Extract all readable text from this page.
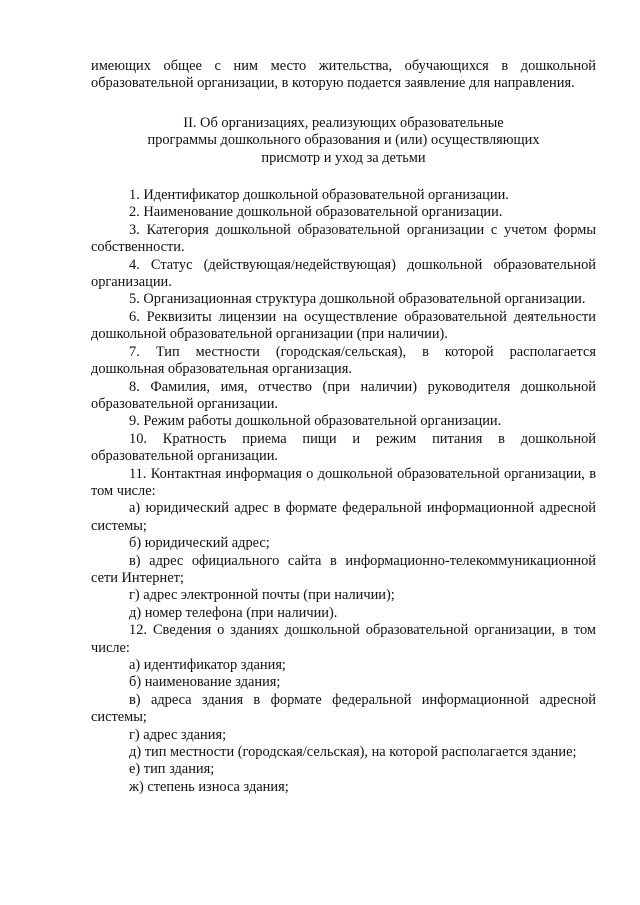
имеющих общее с ним место жительства, обучающихся в дошкольной образовательной организации, в которую подается заявление для направления.

II. Об организациях, реализующих образовательные
программы дошкольного образования и (или) осуществляющих
присмотр и уход за детьми

1. Идентификатор дошкольной образовательной организации.

2. Наименование дошкольной образовательной организации.

3. Категория дошкольной образовательной организации с учетом формы собственности.

4. Статус (действующая/недействующая) дошкольной образовательной организации.

5. Организационная структура дошкольной образовательной организации.

6. Реквизиты лицензии на осуществление образовательной деятельности дошкольной образовательной организации (при наличии).

7. Тип местности (городская/сельская), в которой располагается дошкольная образовательная организация.

8. Фамилия, имя, отчество (при наличии) руководителя дошкольной образовательной организации.

9. Режим работы дошкольной образовательной организации.

10. Кратность приема пищи и режим питания в дошкольной образовательной организации.

11. Контактная информация о дошкольной образовательной организации, в том числе:

а) юридический адрес в формате федеральной информационной адресной системы;

б) юридический адрес;

в) адрес официального сайта в информационно-телекоммуникационной сети Интернет;

г) адрес электронной почты (при наличии);

д) номер телефона (при наличии).

12. Сведения о зданиях дошкольной образовательной организации, в том числе:

а) идентификатор здания;

б) наименование здания;

в) адреса здания в формате федеральной информационной адресной системы;

г) адрес здания;

д) тип местности (городская/сельская), на которой располагается здание;

е) тип здания;

ж) степень износа здания;
